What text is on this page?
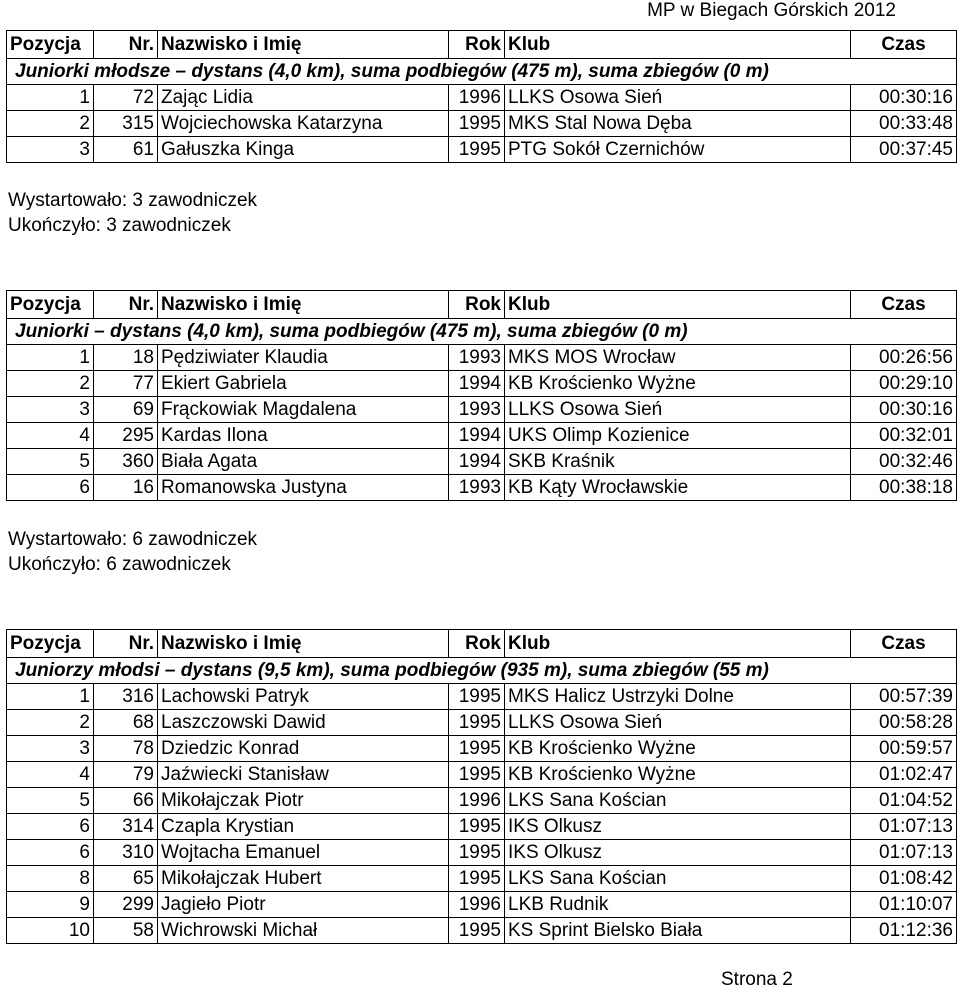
MP w Biegach Górskich 2012
Pozycja	Nr.	Nazwisko i Imię	Rok	Klub	Czas
Juniorki młodsze – dystans (4,0 km), suma podbiegów (475 m), suma zbiegów (0 m)					
1	72	Zając Lidia	1996	LLKS Osowa Sień	00:30:16
2	315	Wojciechowska Katarzyna	1995	MKS Stal Nowa Dęba	00:33:48
3	61	Gałuszka Kinga	1995	PTG Sokół Czernichów	00:37:45
Wystartowało: 3 zawodniczek
Ukończyło: 3 zawodniczek
Pozycja	Nr.	Nazwisko i Imię	Rok	Klub	Czas
Juniorki – dystans (4,0 km), suma podbiegów (475 m), suma zbiegów (0 m)					
1	18	Pędziwiater Klaudia	1993	MKS MOS Wrocław	00:26:56
2	77	Ekiert Gabriela	1994	KB Krościenko Wyżne	00:29:10
3	69	Frąckowiak Magdalena	1993	LLKS Osowa Sień	00:30:16
4	295	Kardas Ilona	1994	UKS Olimp Kozienice	00:32:01
5	360	Biała Agata	1994	SKB Kraśnik	00:32:46
6	16	Romanowska Justyna	1993	KB Kąty Wrocławskie	00:38:18
Wystartowało: 6 zawodniczek
Ukończyło: 6 zawodniczek
Pozycja	Nr.	Nazwisko i Imię	Rok	Klub	Czas
Juniorzy młodsi – dystans (9,5 km), suma podbiegów (935 m), suma zbiegów (55 m)					
1	316	Lachowski Patryk	1995	MKS Halicz Ustrzyki Dolne	00:57:39
2	68	Laszczowski Dawid	1995	LLKS Osowa Sień	00:58:28
3	78	Dziedzic Konrad	1995	KB Krościenko Wyżne	00:59:57
4	79	Jaźwiecki Stanisław	1995	KB Krościenko Wyżne	01:02:47
5	66	Mikołajczak Piotr	1996	LKS Sana Kościan	01:04:52
6	314	Czapla Krystian	1995	IKS Olkusz	01:07:13
6	310	Wojtacha Emanuel	1995	IKS Olkusz	01:07:13
8	65	Mikołajczak Hubert	1995	LKS Sana Kościan	01:08:42
9	299	Jagieło Piotr	1996	LKB Rudnik	01:10:07
10	58	Wichrowski Michał	1995	KS Sprint Bielsko Biała	01:12:36
Strona 2
